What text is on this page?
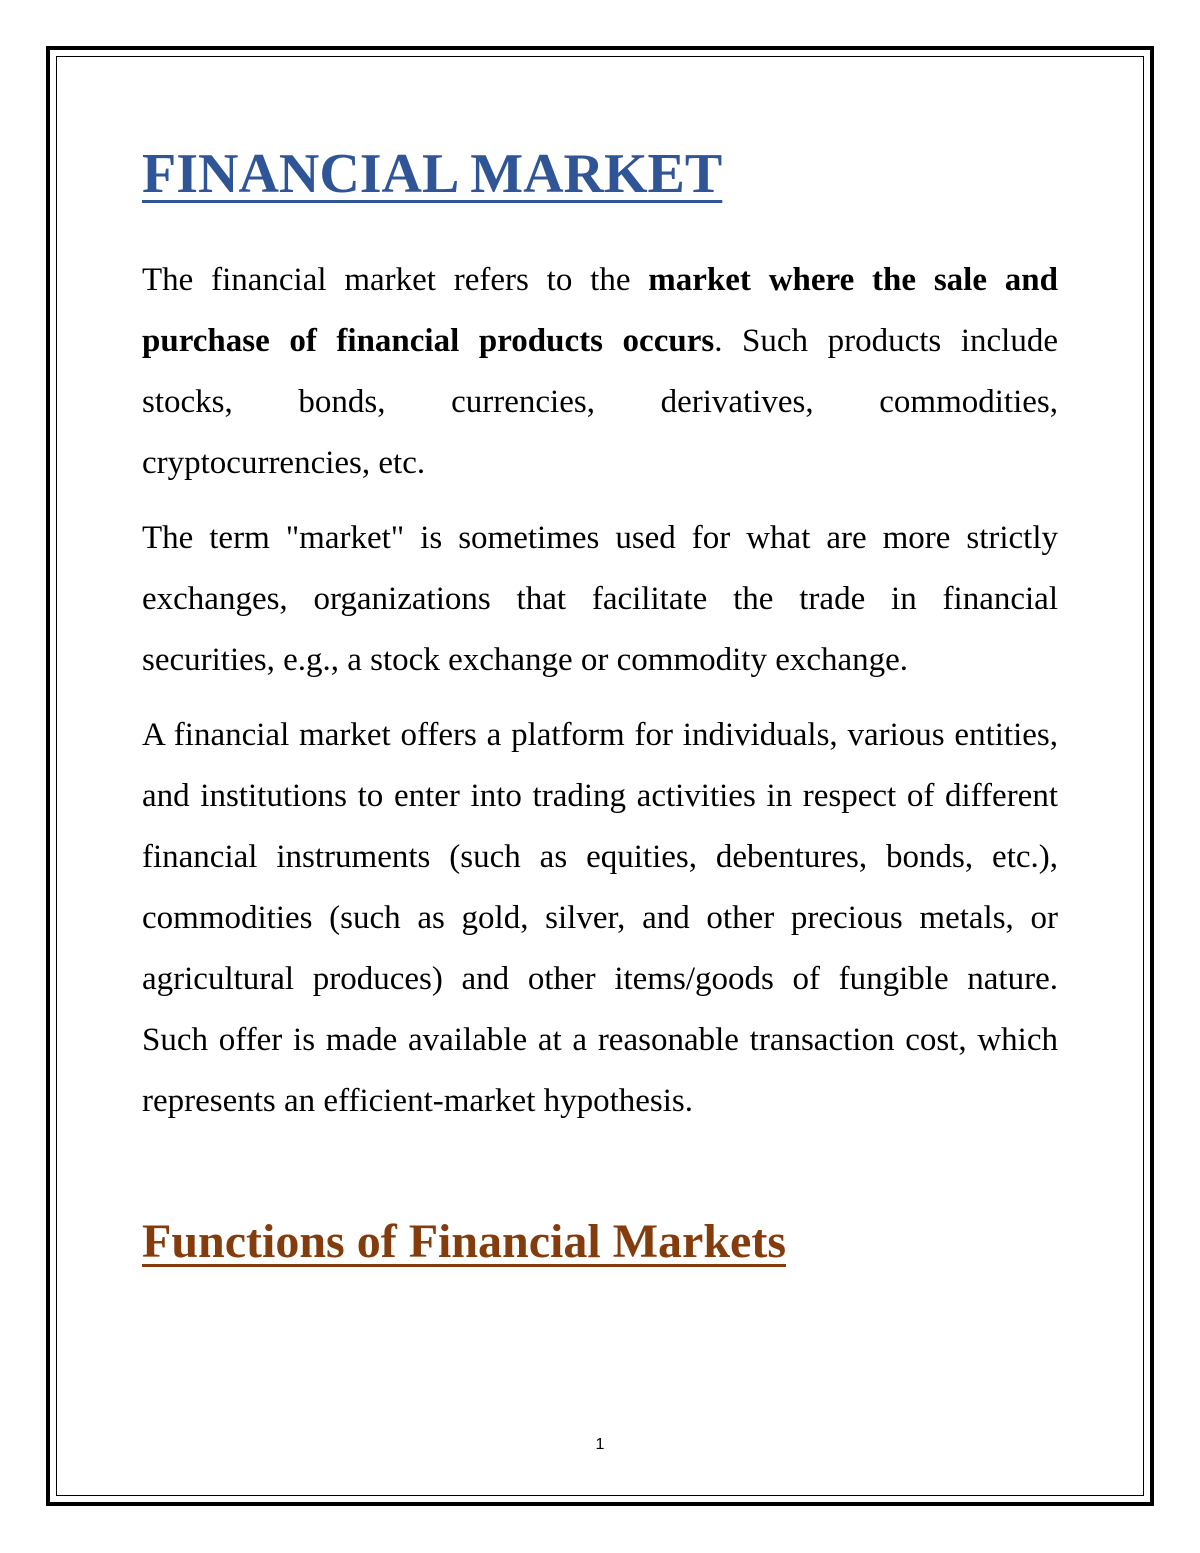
FINANCIAL MARKET

The financial market refers to the market where the sale and purchase of financial products occurs. Such products include stocks, bonds, currencies, derivatives, commodities, cryptocurrencies, etc.

The term "market" is sometimes used for what are more strictly exchanges, organizations that facilitate the trade in financial securities, e.g., a stock exchange or commodity exchange.

A financial market offers a platform for individuals, various entities, and institutions to enter into trading activities in respect of different financial instruments (such as equities, debentures, bonds, etc.), commodities (such as gold, silver, and other precious metals, or agricultural produces) and other items/goods of fungible nature. Such offer is made available at a reasonable transaction cost, which represents an efficient-market hypothesis.

Functions of Financial Markets
1
